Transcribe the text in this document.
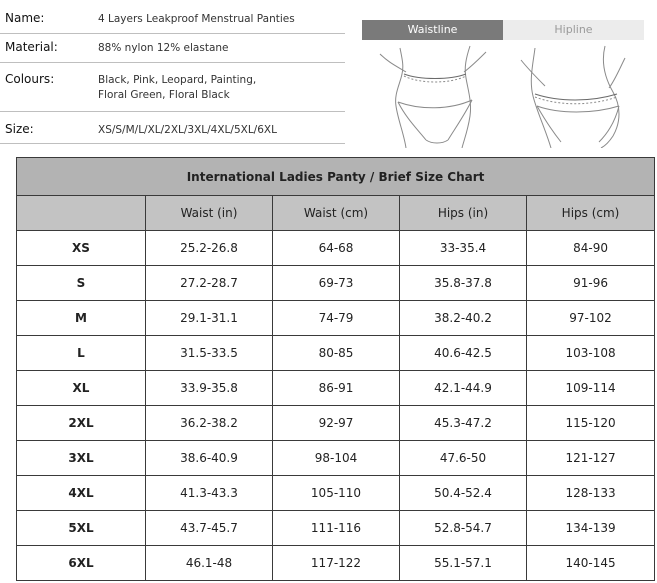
Name:	4 Layers Leakproof Menstrual Panties
Material:	88% nylon 12% elastane
Colours:	Black, Pink, Leopard, Painting,
Floral Green, Floral Black
Size:	XS/S/M/L/XL/2XL/3XL/4XL/5XL/6XL
Waistline	Hipline
International Ladies Panty / Brief Size Chart				
	Waist (in)	Waist (cm)	Hips (in)	Hips (cm)
XS	25.2-26.8	64-68	33-35.4	84-90
S	27.2-28.7	69-73	35.8-37.8	91-96
M	29.1-31.1	74-79	38.2-40.2	97-102
L	31.5-33.5	80-85	40.6-42.5	103-108
XL	33.9-35.8	86-91	42.1-44.9	109-114
2XL	36.2-38.2	92-97	45.3-47.2	115-120
3XL	38.6-40.9	98-104	47.6-50	121-127
4XL	41.3-43.3	105-110	50.4-52.4	128-133
5XL	43.7-45.7	111-116	52.8-54.7	134-139
6XL	46.1-48	117-122	55.1-57.1	140-145
